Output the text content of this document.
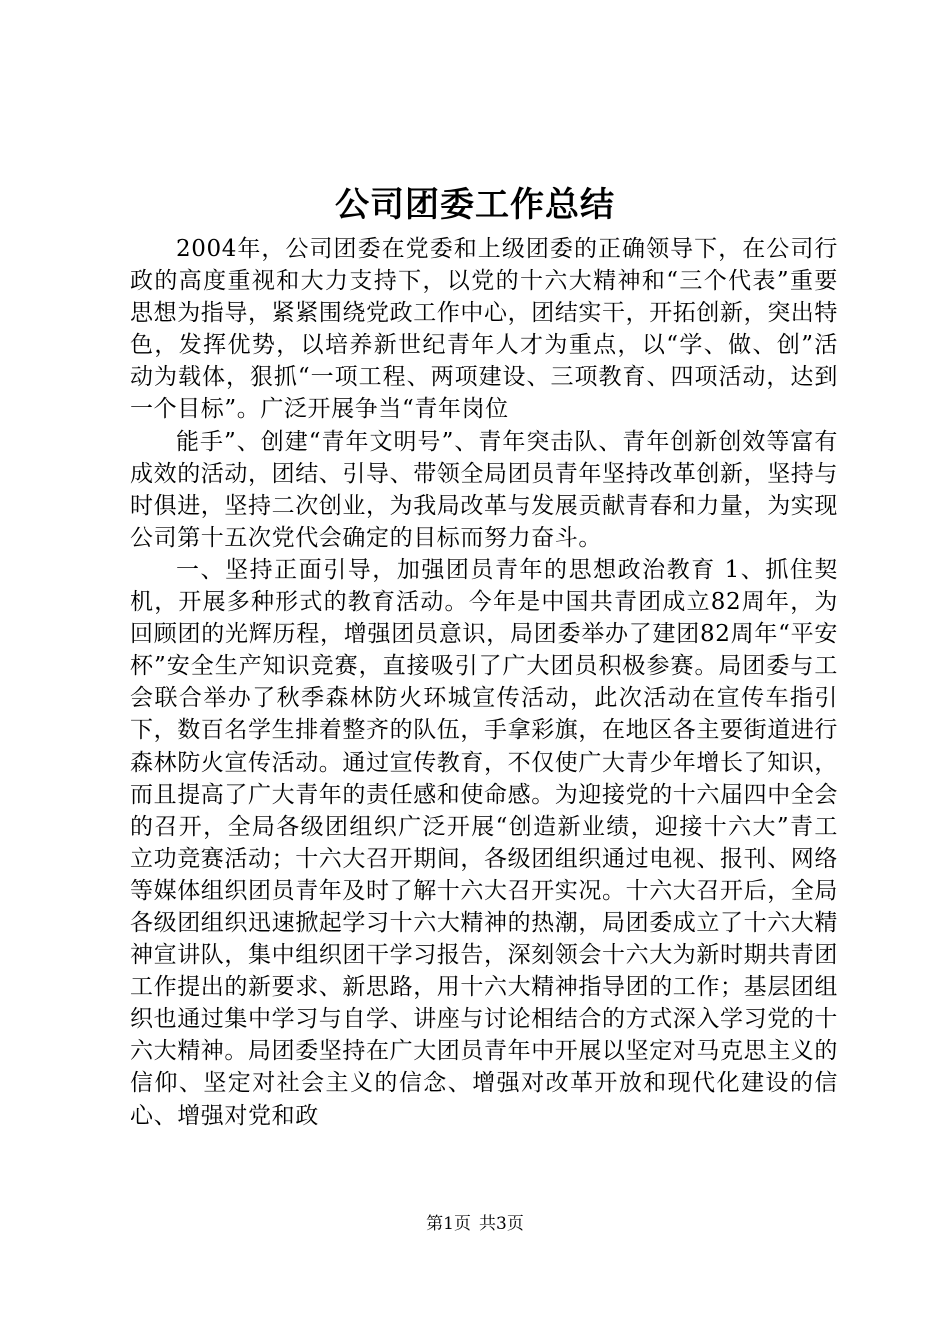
公司团委工作总结

2004年，公司团委在党委和上级团委的正确领导下，在公司行政的高度重视和大力支持下，以党的十六大精神和“三个代表”重要思想为指导，紧紧围绕党政工作中心，团结实干，开拓创新，突出特色，发挥优势，以培养新世纪青年人才为重点，以“学、做、创”活动为载体，狠抓“一项工程、两项建设、三项教育、四项活动，达到一个目标”。广泛开展争当“青年岗位

能手”、创建“青年文明号”、青年突击队、青年创新创效等富有成效的活动，团结、引导、带领全局团员青年坚持改革创新，坚持与时俱进，坚持二次创业，为我局改革与发展贡献青春和力量，为实现公司第十五次党代会确定的目标而努力奋斗。

一、坚持正面引导，加强团员青年的思想政治教育 1、抓住契机，开展多种形式的教育活动。今年是中国共青团成立82周年，为回顾团的光辉历程，增强团员意识，局团委举办了建团82周年“平安杯”安全生产知识竞赛，直接吸引了广大团员积极参赛。局团委与工会联合举办了秋季森林防火环城宣传活动，此次活动在宣传车指引下，数百名学生排着整齐的队伍，手拿彩旗，在地区各主要街道进行森林防火宣传活动。通过宣传教育，不仅使广大青少年增长了知识，而且提高了广大青年的责任感和使命感。为迎接党的十六届四中全会的召开，全局各级团组织广泛开展“创造新业绩，迎接十六大”青工立功竞赛活动；十六大召开期间，各级团组织通过电视、报刊、网络等媒体组织团员青年及时了解十六大召开实况。十六大召开后，全局各级团组织迅速掀起学习十六大精神的热潮，局团委成立了十六大精神宣讲队，集中组织团干学习报告，深刻领会十六大为新时期共青团工作提出的新要求、新思路，用十六大精神指导团的工作；基层团组织也通过集中学习与自学、讲座与讨论相结合的方式深入学习党的十六大精神。局团委坚持在广大团员青年中开展以坚定对马克思主义的信仰、坚定对社会主义的信念、增强对改革开放和现代化建设的信心、增强对党和政

第1页 共3页
